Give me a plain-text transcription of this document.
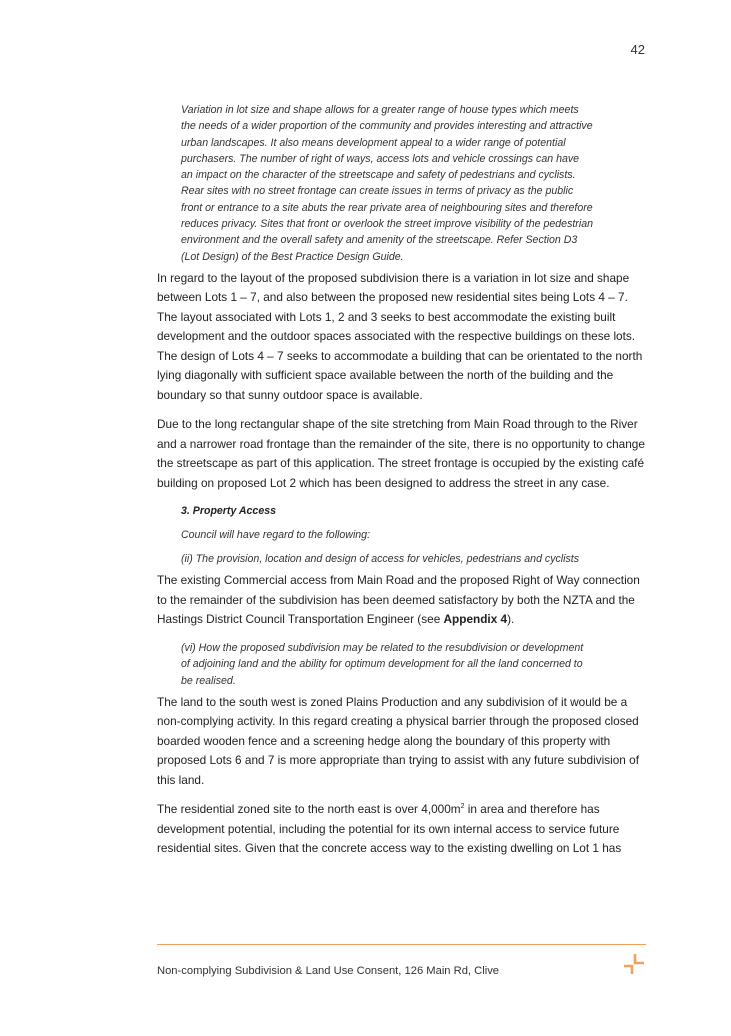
42

Variation in lot size and shape allows for a greater range of house types which meets the needs of a wider proportion of the community and provides interesting and attractive urban landscapes. It also means development appeal to a wider range of potential purchasers. The number of right of ways, access lots and vehicle crossings can have an impact on the character of the streetscape and safety of pedestrians and cyclists. Rear sites with no street frontage can create issues in terms of privacy as the public front or entrance to a site abuts the rear private area of neighbouring sites and therefore reduces privacy. Sites that front or overlook the street improve visibility of the pedestrian environment and the overall safety and amenity of the streetscape. Refer Section D3 (Lot Design) of the Best Practice Design Guide.

In regard to the layout of the proposed subdivision there is a variation in lot size and shape between Lots 1 – 7, and also between the proposed new residential sites being Lots 4 – 7. The layout associated with Lots 1, 2 and 3 seeks to best accommodate the existing built development and the outdoor spaces associated with the respective buildings on these lots. The design of Lots 4 – 7 seeks to accommodate a building that can be orientated to the north lying diagonally with sufficient space available between the north of the building and the boundary so that sunny outdoor space is available.

Due to the long rectangular shape of the site stretching from Main Road through to the River and a narrower road frontage than the remainder of the site, there is no opportunity to change the streetscape as part of this application. The street frontage is occupied by the existing café building on proposed Lot 2 which has been designed to address the street in any case.

3. Property Access

Council will have regard to the following:

(ii) The provision, location and design of access for vehicles, pedestrians and cyclists

The existing Commercial access from Main Road and the proposed Right of Way connection to the remainder of the subdivision has been deemed satisfactory by both the NZTA and the Hastings District Council Transportation Engineer (see Appendix 4).

(vi) How the proposed subdivision may be related to the resubdivision or development of adjoining land and the ability for optimum development for all the land concerned to be realised.

The land to the south west is zoned Plains Production and any subdivision of it would be a non-complying activity. In this regard creating a physical barrier through the proposed closed boarded wooden fence and a screening hedge along the boundary of this property with proposed Lots 6 and 7 is more appropriate than trying to assist with any future subdivision of this land.

The residential zoned site to the north east is over $4,000m^2$ in area and therefore has development potential, including the potential for its own internal access to service future residential sites. Given that the concrete access way to the existing dwelling on Lot 1 has

Non-complying Subdivision & Land Use Consent, 126 Main Rd, Clive
